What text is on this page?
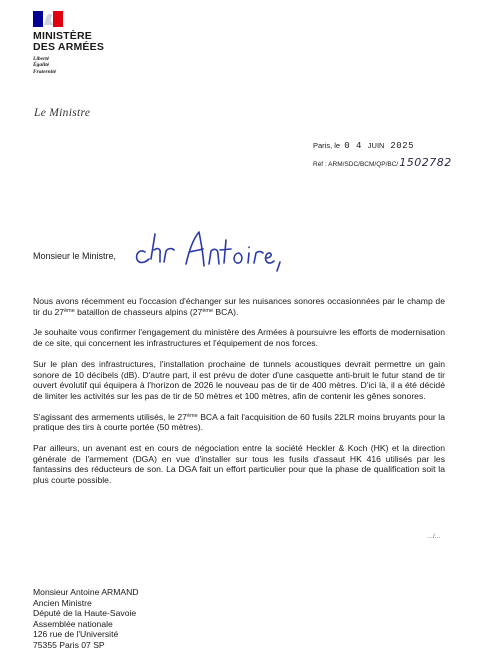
MINISTÈRE
DES ARMÉES
Liberté
Égalité
Fraternité
Le Ministre
Paris, le 0 4 JUIN 2025
Réf : ARM/SDC/BCM/QP/BC/1502782
Monsieur le Ministre,

Nous avons récemment eu l'occasion d'échanger sur les nuisances sonores occasionnées par le champ de tir du 27ème bataillon de chasseurs alpins (27ème BCA).

Je souhaite vous confirmer l'engagement du ministère des Armées à poursuivre les efforts de modernisation de ce site, qui concernent les infrastructures et l'équipement de nos forces.

Sur le plan des infrastructures, l'installation prochaine de tunnels acoustiques devrait permettre un gain sonore de 10 décibels (dB). D'autre part, il est prévu de doter d'une casquette anti-bruit le futur stand de tir ouvert évolutif qui équipera à l'horizon de 2026 le nouveau pas de tir de 400 mètres. D'ici là, il a été décidé de limiter les activités sur les pas de tir de 50 mètres et 100 mètres, afin de contenir les gênes sonores.

S'agissant des armements utilisés, le 27ème BCA a fait l'acquisition de 60 fusils 22LR moins bruyants pour la pratique des tirs à courte portée (50 mètres).

Par ailleurs, un avenant est en cours de négociation entre la société Heckler & Koch (HK) et la direction générale de l'armement (DGA) en vue d'installer sur tous les fusils d'assaut HK 416 utilisés par les fantassins des réducteurs de son. La DGA fait un effort particulier pour que la phase de qualification soit la plus courte possible.

…/…
Monsieur Antoine ARMAND
Ancien Ministre
Député de la Haute-Savoie
Assemblée nationale
126 rue de l'Université
75355 Paris 07 SP
